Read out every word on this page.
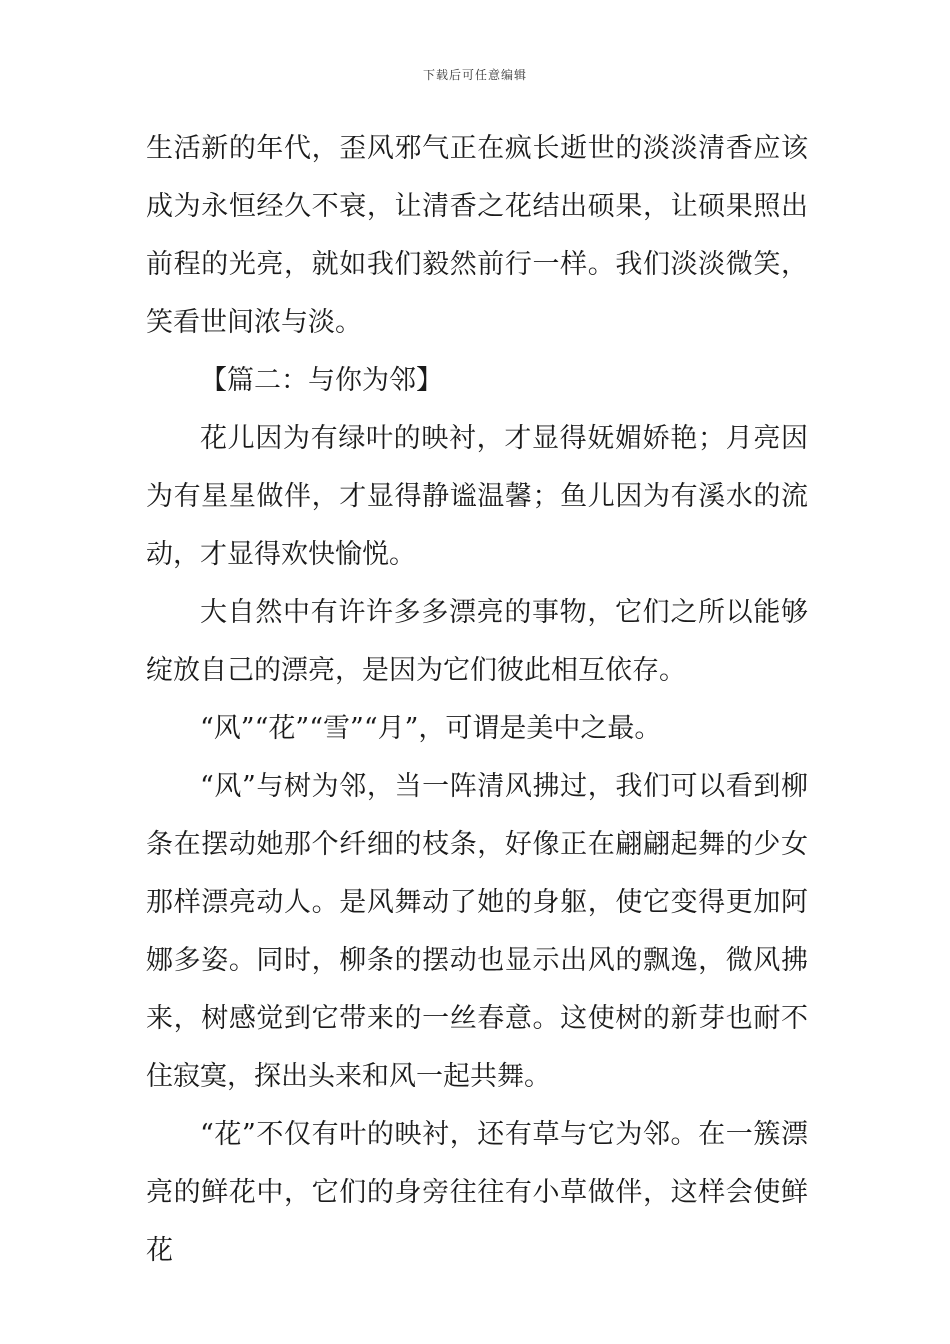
下载后可任意编辑

生活新的年代，歪风邪气正在疯长逝世的淡淡清香应该成为永恒经久不衰，让清香之花结出硕果，让硕果照出前程的光亮，就如我们毅然前行一样。我们淡淡微笑，笑看世间浓与淡。

【篇二：与你为邻】

花儿因为有绿叶的映衬，才显得妩媚娇艳；月亮因为有星星做伴，才显得静谧温馨；鱼儿因为有溪水的流动，才显得欢快愉悦。

大自然中有许许多多漂亮的事物，它们之所以能够绽放自己的漂亮，是因为它们彼此相互依存。

“风”“花”“雪”“月”，可谓是美中之最。

“风”与树为邻，当一阵清风拂过，我们可以看到柳条在摆动她那个纤细的枝条，好像正在翩翩起舞的少女那样漂亮动人。是风舞动了她的身躯，使它变得更加阿娜多姿。同时，柳条的摆动也显示出风的飘逸，微风拂来，树感觉到它带来的一丝春意。这使树的新芽也耐不住寂寞，探出头来和风一起共舞。

“花”不仅有叶的映衬，还有草与它为邻。在一簇漂亮的鲜花中，它们的身旁往往有小草做伴，这样会使鲜花
